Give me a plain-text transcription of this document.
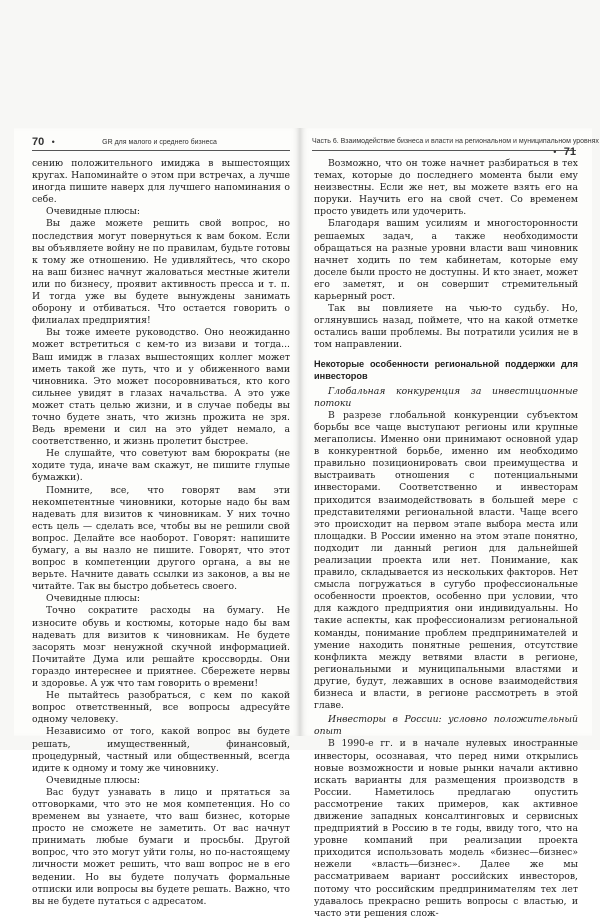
70 •	GR для малого и среднего бизнеса

сению положительного имиджа в вышестоящих кругах. Напоминайте о этом при встречах, а лучше иногда пишите наверх для лучшего напоминания о себе.

Очевидные плюсы:

Вы даже можете решить свой вопрос, но последствия могут повернуться к вам боком. Если вы объявляете войну не по правилам, будьте готовы к тому же отношению. Не удивляйтесь, что скоро на ваш бизнес начнут жаловаться местные жители или по бизнесу, проявит активность пресса и т. п. И тогда уже вы будете вынуждены занимать оборону и отбиваться. Что остается говорить о филиалах предприятия!

Вы тоже имеете руководство. Оно неожиданно может встретиться с кем-то из визави и тогда... Ваш имидж в глазах вышестоящих коллег может иметь такой же путь, что и у обиженного вами чиновника. Это может посоровниваться, кто кого сильнее увидят в глазах начальства. А это уже может стать целью жизни, и в случае победы вы точно будете знать, что жизнь прожита не зря. Ведь времени и сил на это уйдет немало, а соответственно, и жизнь пролетит быстрее.

Не слушайте, что советуют вам бюрократы (не ходите туда, иначе вам скажут, не пишите глупые бумажки).

Помните, все, что говорят вам эти некомпетентные чиновники, которые надо бы вам надевать для визитов к чиновникам. У них точно есть цель — сделать все, чтобы вы не решили свой вопрос. Делайте все наоборот. Говорят: напишите бумагу, а вы назло не пишите. Говорят, что этот вопрос в компетенции другого органа, а вы не верьте. Начните давать ссылки из законов, а вы не читайте. Так вы быстро добьетесь своего.

Очевидные плюсы:

Точно сократите расходы на бумагу. Не износите обувь и костюмы, которые надо бы вам надевать для визитов к чиновникам. Не будете засорять мозг ненужной скучной информацией. Почитайте Дума или решайте кроссворды. Они гораздо интереснее и приятнее. Сбережете нервы и здоровье. А уж что там говорить о времени!

Не пытайтесь разобраться, с кем по какой вопрос ответственный, все вопросы адресуйте одному человеку.

Независимо от того, какой вопрос вы будете решать, имущественный, финансовый, процедурный, частный или общественный, всегда идите к одному и тому же чиновнику.

Очевидные плюсы:

Вас будут узнавать в лицо и прятаться за отговорками, что это не моя компетенция. Но со временем вы узнаете, что ваш бизнес, которые просто не сможете не заметить. От вас начнут принимать любые бумаги и просьбы. Другой вопрос, что это могут уйти голы, но по-настоящему личности может решить, что ваш вопрос не в его ведении. Но вы будете получать формальные отписки или вопросы вы будете решать. Важно, что вы не будете путаться с адресатом.

Часть 6. Взаимодействие бизнеса и власти на региональном и муниципальном уровнях
• 71

Возможно, что он тоже начнет разбираться в тех темах, которые до последнего момента были ему неизвестны. Если же нет, вы можете взять его на поруки. Научить его на свой счет. Со временем просто увидеть или удочерить.

Благодаря вашим усилиям и многосторонности решаемых задач, а также необходимости обращаться на разные уровни власти ваш чиновник начнет ходить по тем кабинетам, которые ему доселе были просто не доступны. И кто знает, может его заметят, и он совершит стремительный карьерный рост.

Так вы повлияете на чью-то судьбу. Но, оглянувшись назад, поймете, что на какой отметке остались ваши проблемы. Вы потратили усилия не в том направлении.

Некоторые особенности региональной поддержки для инвесторов

Глобальная конкуренция за инвестиционные потоки

В разрезе глобальной конкуренции субъектом борьбы все чаще выступают регионы или крупные мегаполисы. Именно они принимают основной удар в конкурентной борьбе, именно им необходимо правильно позиционировать свои преимущества и выстраивать отношения с потенциальными инвесторами. Соответственно и инвесторам приходится взаимодействовать в большей мере с представителями региональной власти. Чаще всего это происходит на первом этапе выбора места или площадки. В России именно на этом этапе понятно, подходит ли данный регион для дальнейшей реализации проекта или нет. Понимание, как правило, складывается из нескольких факторов. Нет смысла погружаться в сугубо профессиональные особенности проектов, особенно при условии, что для каждого предприятия они индивидуальны. Но такие аспекты, как профессионализм региональной команды, понимание проблем предпринимателей и умение находить понятные решения, отсутствие конфликта между ветвями власти в регионе, региональными и муниципальными властями и другие, будут, лежавших в основе взаимодействия бизнеса и власти, в регионе рассмотреть в этой главе.

Инвесторы в России: условно положительный опыт

В 1990-е гг. и в начале нулевых иностранные инвесторы, осознавая, что перед ними открылись новые возможности и новые рынки начали активно искать варианты для размещения производств в России. Наметилось предлагаю опустить рассмотрение таких примеров, как активное движение западных консалтинговых и сервисных предприятий в Россию в те годы, ввиду того, что на уровне компаний при реализации проекта приходится использовать модель «бизнес—бизнес» нежели «власть—бизнес». Далее же мы рассматриваем вариант российских инвесторов, потому что российским предпринимателям тех лет удавалось прекрасно решить вопросы с властью, и часто эти решения слож-
